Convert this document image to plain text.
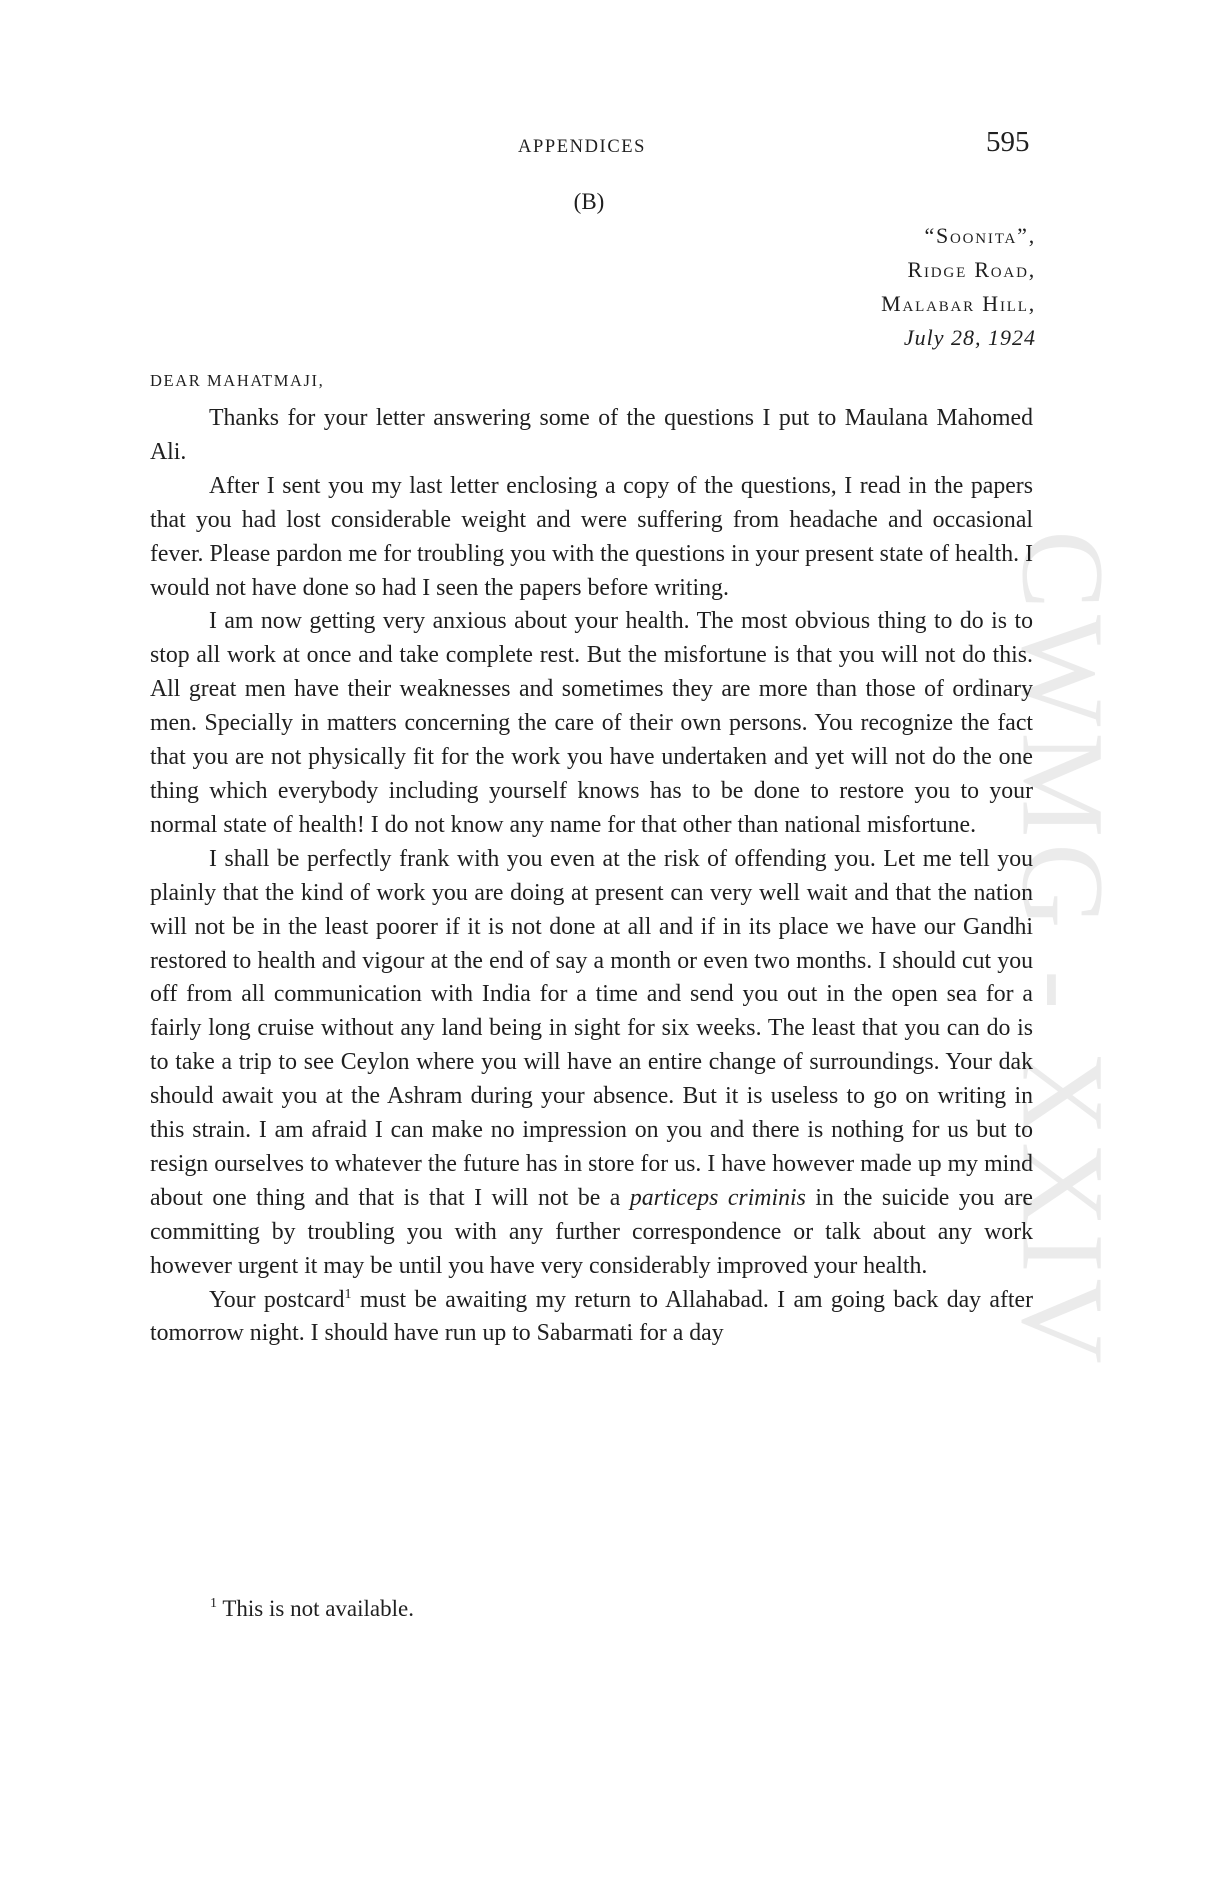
CWMG - XXIV
APPENDICES	595
(B)
“Soonita”,
Ridge Road,
Malabar Hill,
July 28, 1924
DEAR MAHATMAJI,

Thanks for your letter answering some of the questions I put to Maulana Mahomed Ali.

After I sent you my last letter enclosing a copy of the questions, I read in the papers that you had lost considerable weight and were suffering from headache and occasional fever. Please pardon me for troubling you with the questions in your present state of health. I would not have done so had I seen the papers before writing.

I am now getting very anxious about your health. The most obvious thing to do is to stop all work at once and take complete rest. But the misfortune is that you will not do this. All great men have their weaknesses and sometimes they are more than those of ordinary men. Specially in matters concerning the care of their own persons. You recognize the fact that you are not physically fit for the work you have undertaken and yet will not do the one thing which everybody including yourself knows has to be done to restore you to your normal state of health! I do not know any name for that other than national misfortune.

I shall be perfectly frank with you even at the risk of offending you. Let me tell you plainly that the kind of work you are doing at present can very well wait and that the nation will not be in the least poorer if it is not done at all and if in its place we have our Gandhi restored to health and vigour at the end of say a month or even two months. I should cut you off from all communication with India for a time and send you out in the open sea for a fairly long cruise without any land being in sight for six weeks. The least that you can do is to take a trip to see Ceylon where you will have an entire change of surroundings. Your dak should await you at the Ashram during your absence. But it is useless to go on writing in this strain. I am afraid I can make no impression on you and there is nothing for us but to resign ourselves to whatever the future has in store for us. I have however made up my mind about one thing and that is that I will not be a particeps criminis in the suicide you are committing by troubling you with any further correspondence or talk about any work however urgent it may be until you have very considerably improved your health.

Your postcard$^1$ must be awaiting my return to Allahabad. I am going back day after tomorrow night. I should have run up to Sabarmati for a day

$^1$ This is not available.
